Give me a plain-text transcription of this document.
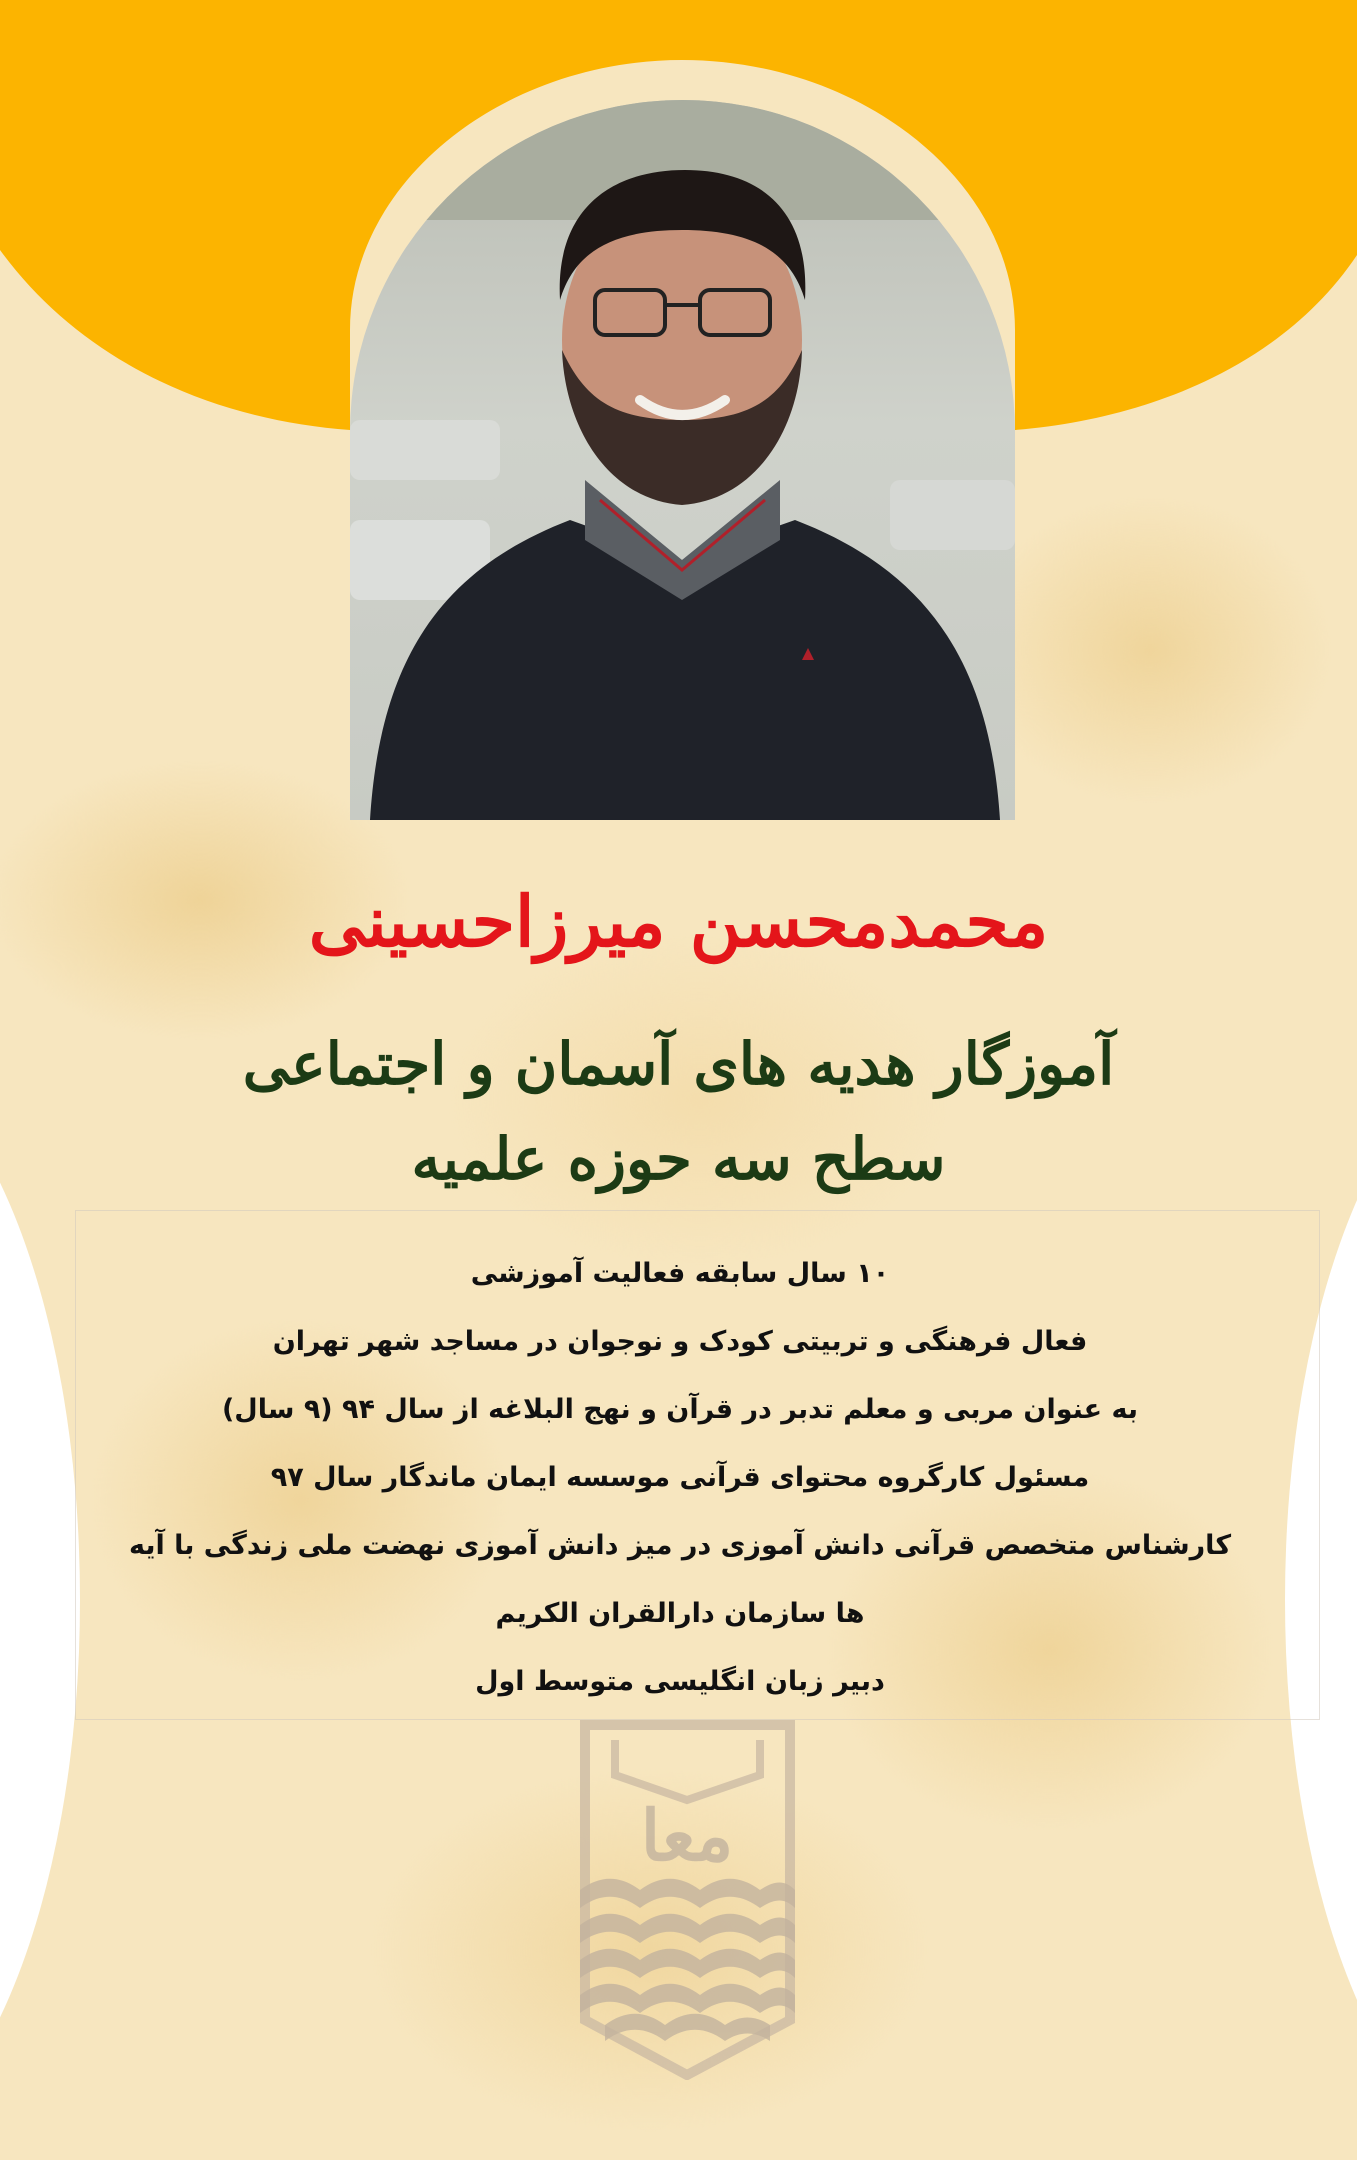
محمدمحسن میرزاحسینی
آموزگار هدیه های آسمان و اجتماعی
سطح سه حوزه علمیه
۱۰ سال سابقه فعالیت آموزشی
فعال فرهنگی و تربیتی کودک و نوجوان در مساجد شهر تهران
به عنوان مربی و معلم تدبر در قرآن و نهج البلاغه از سال ۹۴ (۹ سال)
مسئول کارگروه محتوای قرآنی موسسه ایمان ماندگار سال ۹۷
کارشناس متخصص قرآنی دانش آموزی در میز دانش آموزی نهضت ملی زندگی با آیه
ها سازمان دارالقران الکریم
دبیر زبان انگلیسی متوسط اول
معا
